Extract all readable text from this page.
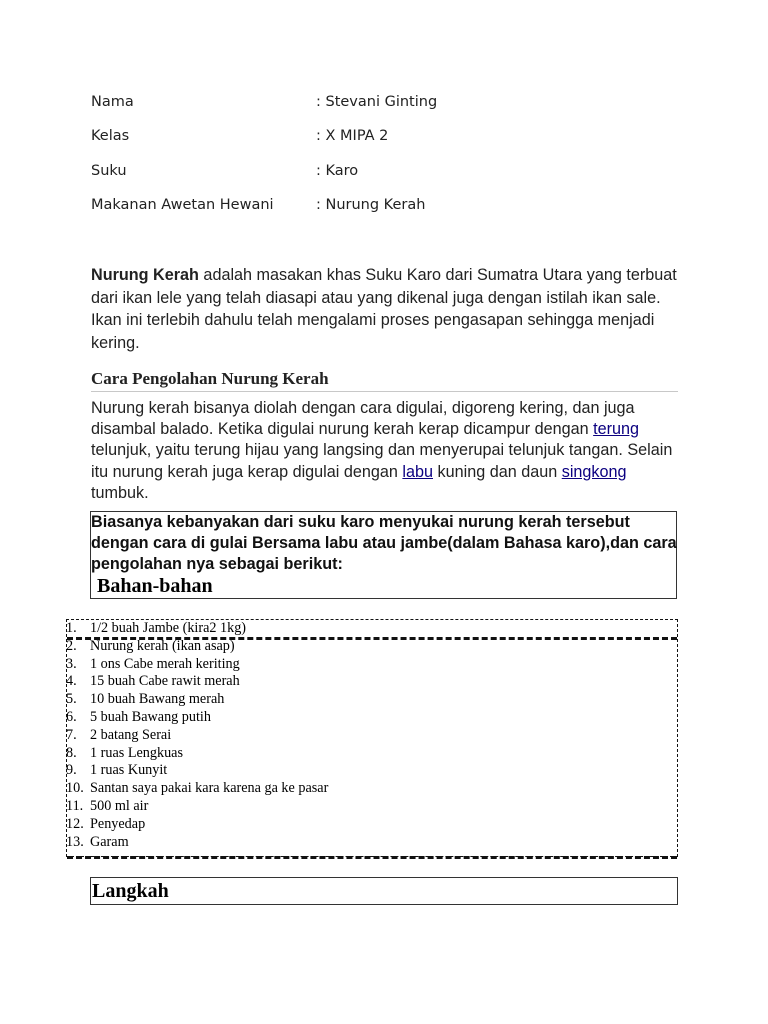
Nama	: Stevani Ginting
Kelas	: X MIPA 2
Suku	: Karo
Makanan Awetan Hewani	: Nurung Kerah

Nurung Kerah adalah masakan khas Suku Karo dari Sumatra Utara yang terbuat dari ikan lele yang telah diasapi atau yang dikenal juga dengan istilah ikan sale. Ikan ini terlebih dahulu telah mengalami proses pengasapan sehingga menjadi kering.

Cara Pengolahan Nurung Kerah

Nurung kerah bisanya diolah dengan cara digulai, digoreng kering, dan juga disambal balado. Ketika digulai nurung kerah kerap dicampur dengan terung telunjuk, yaitu terung hijau yang langsing dan menyerupai telunjuk tangan. Selain itu nurung kerah juga kerap digulai dengan labu kuning dan daun singkong tumbuk.

Biasanya kebanyakan dari suku karo menyukai nurung kerah tersebut dengan cara di gulai Bersama labu atau jambe(dalam Bahasa karo),dan cara pengolahan nya sebagai berikut:

Bahan-bahan
1. 1/2 buah Jambe (kira2 1kg)
2. Nurung kerah (ikan asap)
3. 1 ons Cabe merah keriting
4. 15 buah Cabe rawit merah
5. 10 buah Bawang merah
6. 5 buah Bawang putih
7. 2 batang Serai
8. 1 ruas Lengkuas
9. 1 ruas Kunyit
10. Santan saya pakai kara karena ga ke pasar
11. 500 ml air
12. Penyedap
13. Garam
Langkah
